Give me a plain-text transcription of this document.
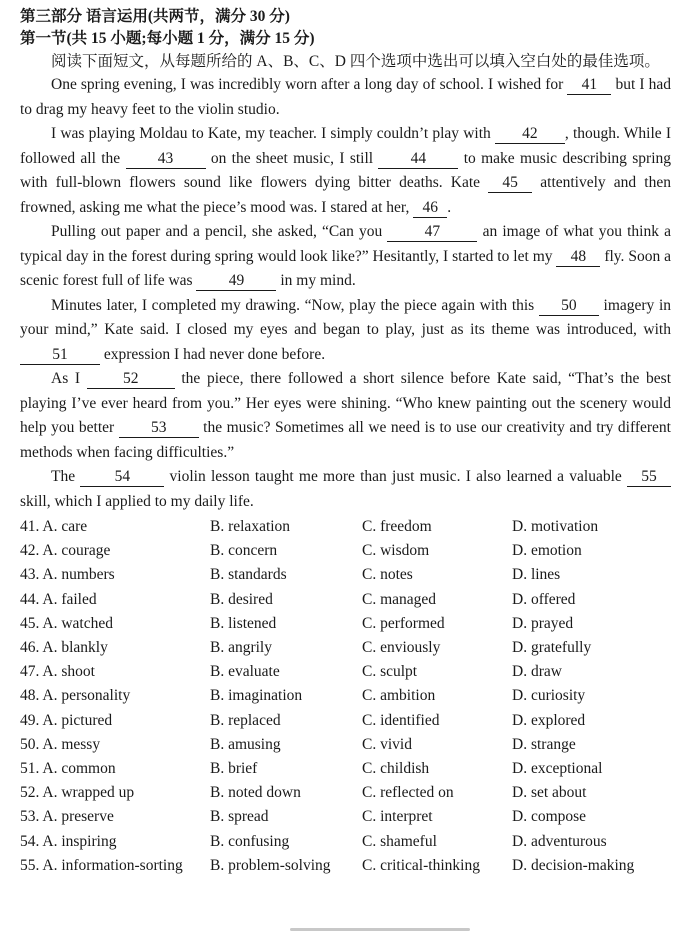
第三部分 语言运用(共两节，满分 30 分)
第一节(共 15 小题;每小题 1 分，满分 15 分)
阅读下面短文，从每题所给的 A、B、C、D 四个选项中选出可以填入空白处的最佳选项。

One spring evening, I was incredibly worn after a long day of school. I wished for 41 but I had to drag my heavy feet to the violin studio.

I was playing Moldau to Kate, my teacher. I simply couldn’t play with 42 , though. While I followed all the 43 on the sheet music, I still 44 to make music describing spring with full-blown flowers sound like flowers dying bitter deaths. Kate 45 attentively and then frowned, asking me what the piece’s mood was. I stared at her, 46 .

Pulling out paper and a pencil, she asked, “Can you 47 an image of what you think a typical day in the forest during spring would look like?” Hesitantly, I started to let my 48 fly. Soon a scenic forest full of life was 49 in my mind.

Minutes later, I completed my drawing. “Now, play the piece again with this 50 imagery in your mind,” Kate said. I closed my eyes and began to play, just as its theme was introduced, with 51 expression I had never done before.

As I 52 the piece, there followed a short silence before Kate said, “That’s the best playing I’ve ever heard from you.” Her eyes were shining. “Who knew painting out the scenery would help you better 53 the music? Sometimes all we need is to use our creativity and try different methods when facing difficulties.”

The 54 violin lesson taught me more than just music. I also learned a valuable 55 skill, which I applied to my daily life.

41. A. care	B. relaxation	C. freedom	D. motivation
42. A. courage	B. concern	C. wisdom	D. emotion
43. A. numbers	B. standards	C. notes	D. lines
44. A. failed	B. desired	C. managed	D. offered
45. A. watched	B. listened	C. performed	D. prayed
46. A. blankly	B. angrily	C. enviously	D. gratefully
47. A. shoot	B. evaluate	C. sculpt	D. draw
48. A. personality	B. imagination	C. ambition	D. curiosity
49. A. pictured	B. replaced	C. identified	D. explored
50. A. messy	B. amusing	C. vivid	D. strange
51. A. common	B. brief	C. childish	D. exceptional
52. A. wrapped up	B. noted down	C. reflected on	D. set about
53. A. preserve	B. spread	C. interpret	D. compose
54. A. inspiring	B. confusing	C. shameful	D. adventurous
55. A. information-sorting	B. problem-solving	C. critical-thinking	D. decision-making
